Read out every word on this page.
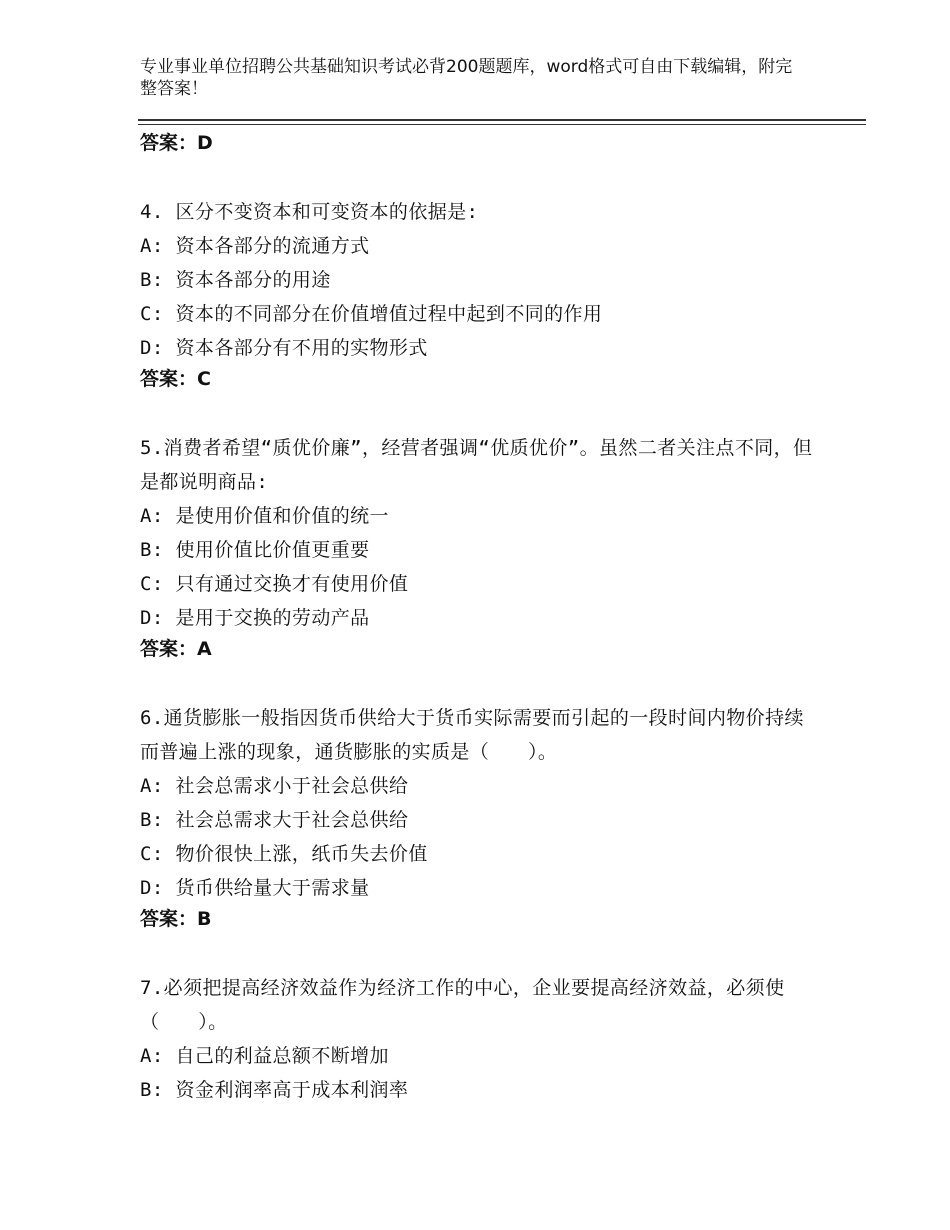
专业事业单位招聘公共基础知识考试必背200题题库，word格式可自由下载编辑，附完整答案！
答案：D
4. 区分不变资本和可变资本的依据是:
A: 资本各部分的流通方式
B: 资本各部分的用途
C: 资本的不同部分在价值增值过程中起到不同的作用
D: 资本各部分有不用的实物形式
答案：C
5.消费者希望“质优价廉”，经营者强调“优质优价”。虽然二者关注点不同，但是都说明商品:
A: 是使用价值和价值的统一
B: 使用价值比价值更重要
C: 只有通过交换才有使用价值
D: 是用于交换的劳动产品
答案：A
6.通货膨胀一般指因货币供给大于货币实际需要而引起的一段时间内物价持续而普遍上涨的现象，通货膨胀的实质是（　　）。
A: 社会总需求小于社会总供给
B: 社会总需求大于社会总供给
C: 物价很快上涨，纸币失去价值
D: 货币供给量大于需求量
答案：B
7.必须把提高经济效益作为经济工作的中心，企业要提高经济效益，必须使（　　）。
A: 自己的利益总额不断增加
B: 资金利润率高于成本利润率
